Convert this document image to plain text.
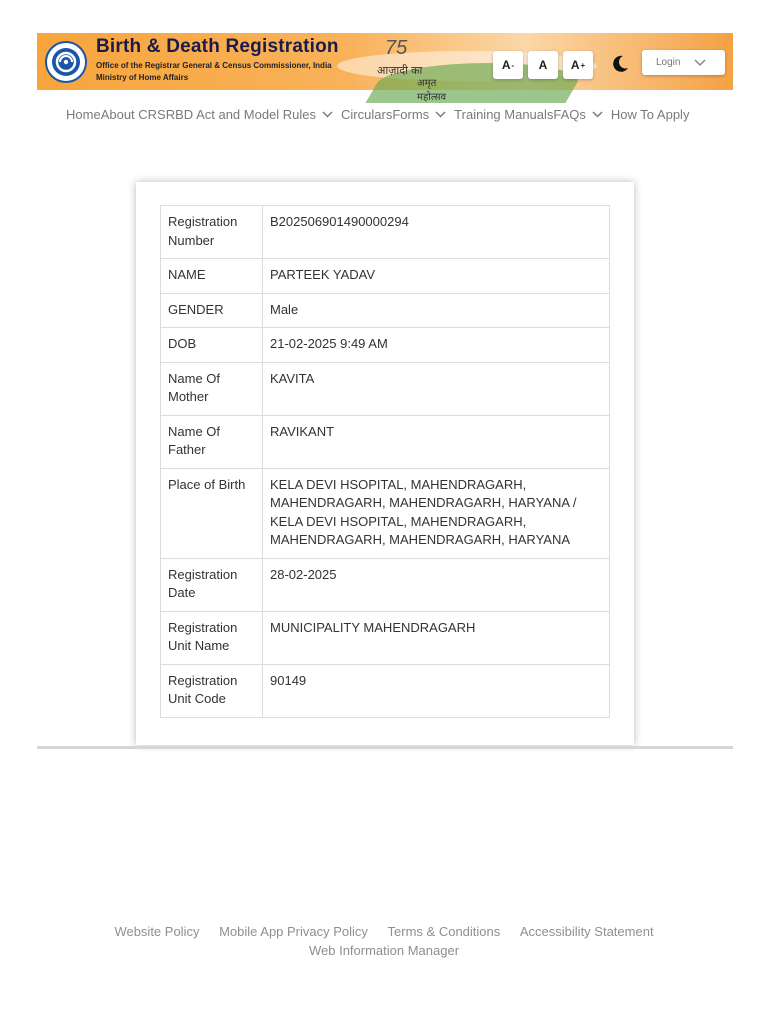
Birth & Death Registration
Office of the Registrar General & Census Commissioner, India
Ministry of Home Affairs
75
आज़ादी का
अमृत महोत्सव
A - A A +	Login
Home About CRS RBD Act and Model Rules Circulars Forms Training Manuals FAQs How To Apply
Registration Number	B202506901490000294
NAME	PARTEEK YADAV
GENDER	Male
DOB	21-02-2025 9:49 AM
Name Of Mother	KAVITA
Name Of Father	RAVIKANT
Place of Birth	KELA DEVI HSOPITAL, MAHENDRAGARH, MAHENDRAGARH, MAHENDRAGARH, HARYANA / KELA DEVI HSOPITAL, MAHENDRAGARH, MAHENDRAGARH, MAHENDRAGARH, HARYANA
Registration Date	28-02-2025
Registration Unit Name	MUNICIPALITY MAHENDRAGARH
Registration Unit Code	90149
Website Policy Mobile App Privacy Policy Terms & Conditions Accessibility Statement
Web Information Manager
